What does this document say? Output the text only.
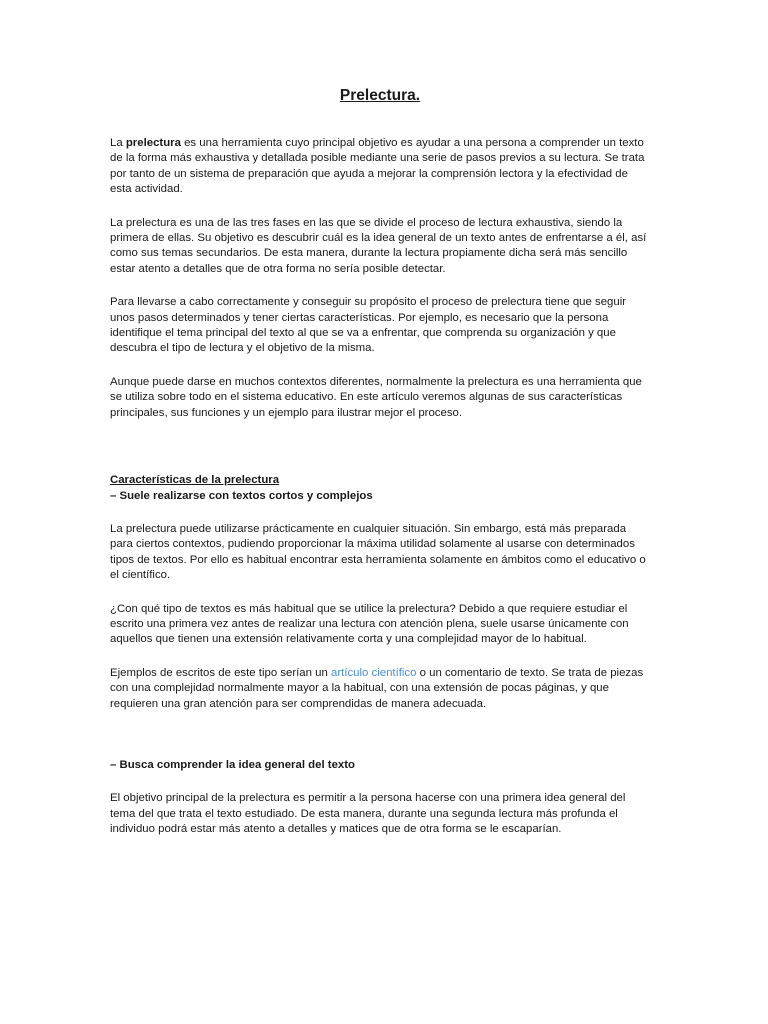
Prelectura.

La prelectura es una herramienta cuyo principal objetivo es ayudar a una persona a comprender un texto de la forma más exhaustiva y detallada posible mediante una serie de pasos previos a su lectura. Se trata por tanto de un sistema de preparación que ayuda a mejorar la comprensión lectora y la efectividad de esta actividad.

La prelectura es una de las tres fases en las que se divide el proceso de lectura exhaustiva, siendo la primera de ellas. Su objetivo es descubrir cuál es la idea general de un texto antes de enfrentarse a él, así como sus temas secundarios. De esta manera, durante la lectura propiamente dicha será más sencillo estar atento a detalles que de otra forma no sería posible detectar.

Para llevarse a cabo correctamente y conseguir su propósito el proceso de prelectura tiene que seguir unos pasos determinados y tener ciertas características. Por ejemplo, es necesario que la persona identifique el tema principal del texto al que se va a enfrentar, que comprenda su organización y que descubra el tipo de lectura y el objetivo de la misma.

Aunque puede darse en muchos contextos diferentes, normalmente la prelectura es una herramienta que se utiliza sobre todo en el sistema educativo. En este artículo veremos algunas de sus características principales, sus funciones y un ejemplo para ilustrar mejor el proceso.

Características de la prelectura
– Suele realizarse con textos cortos y complejos

La prelectura puede utilizarse prácticamente en cualquier situación. Sin embargo, está más preparada para ciertos contextos, pudiendo proporcionar la máxima utilidad solamente al usarse con determinados tipos de textos. Por ello es habitual encontrar esta herramienta solamente en ámbitos como el educativo o el científico.

¿Con qué tipo de textos es más habitual que se utilice la prelectura? Debido a que requiere estudiar el escrito una primera vez antes de realizar una lectura con atención plena, suele usarse únicamente con aquellos que tienen una extensión relativamente corta y una complejidad mayor de lo habitual.

Ejemplos de escritos de este tipo serían un artículo científico o un comentario de texto. Se trata de piezas con una complejidad normalmente mayor a la habitual, con una extensión de pocas páginas, y que requieren una gran atención para ser comprendidas de manera adecuada.

– Busca comprender la idea general del texto

El objetivo principal de la prelectura es permitir a la persona hacerse con una primera idea general del tema del que trata el texto estudiado. De esta manera, durante una segunda lectura más profunda el individuo podrá estar más atento a detalles y matices que de otra forma se le escaparían.
